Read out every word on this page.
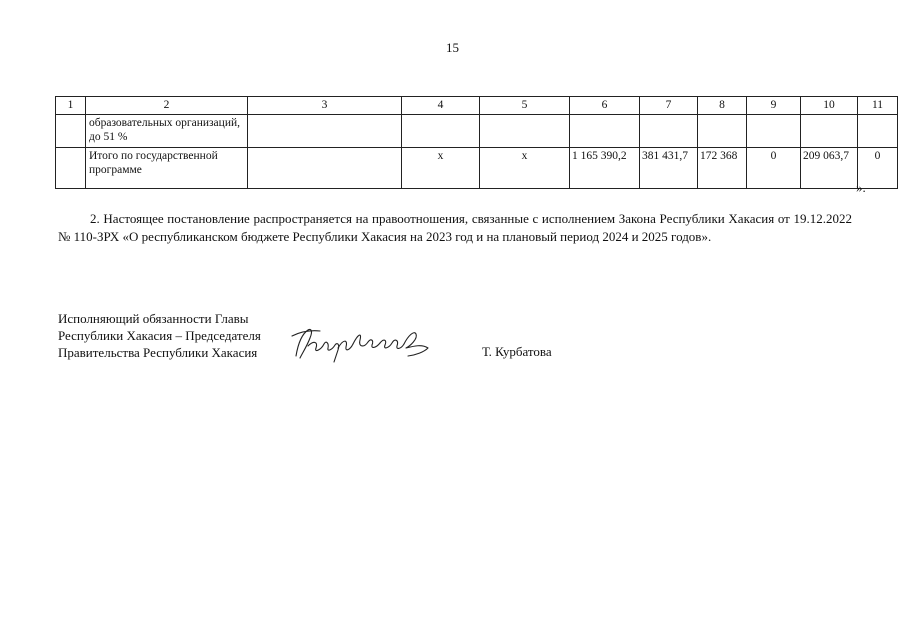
15
1	2	3	4	5	6	7	8	9	10	11
	образовательных организаций, до 51 %									
	Итого по государственной программе		х	х	1 165 390,2	381 431,7	172 368	0	209 063,7	0
».

2. Настоящее постановление распространяется на правоотношения, связанные с исполнением Закона Республики Хакасия от 19.12.2022 № 110-ЗРХ «О республиканском бюджете Республики Хакасия на 2023 год и на плановый период 2024 и 2025 годов».

Исполняющий обязанности Главы
Республики Хакасия – Председателя
Правительства Республики Хакасия	Т. Курбатова
